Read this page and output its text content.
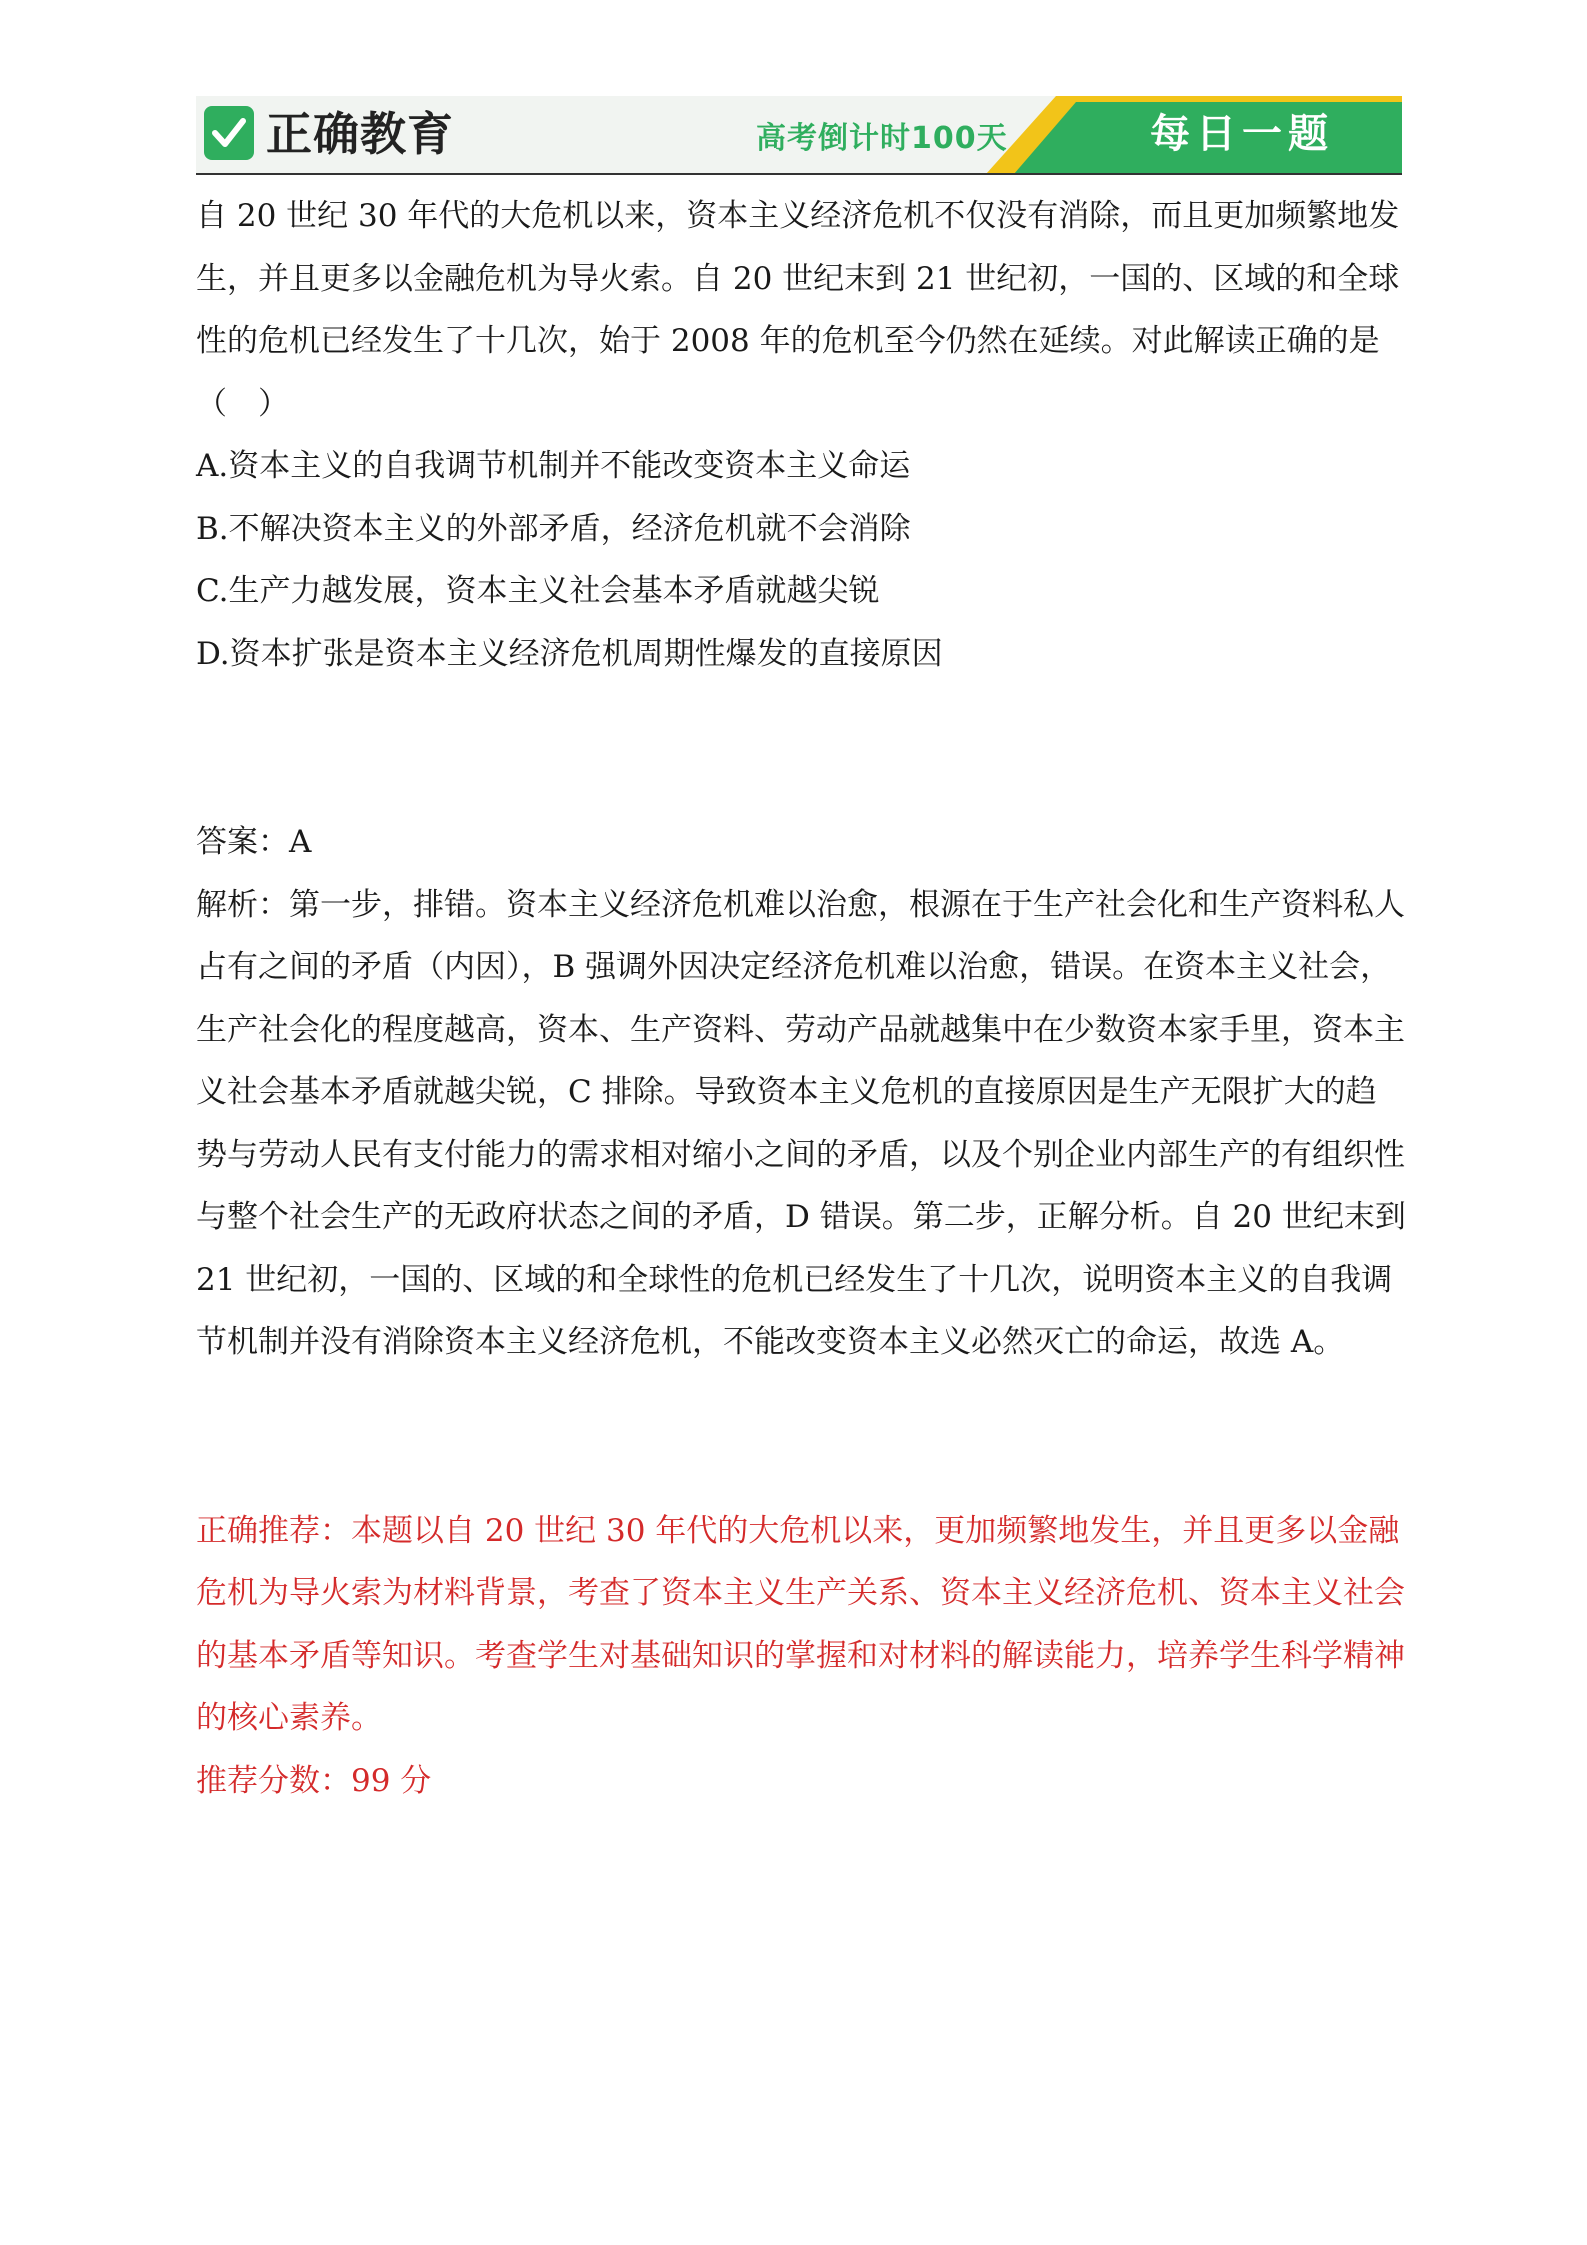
正确教育	高考倒计时100天	每日一题

自 20 世纪 30 年代的大危机以来，资本主义经济危机不仅没有消除，而且更加频繁地发生，并且更多以金融危机为导火索。自 20 世纪末到 21 世纪初，一国的、区域的和全球性的危机已经发生了十几次，始于 2008 年的危机至今仍然在延续。对此解读正确的是（　）

A.资本主义的自我调节机制并不能改变资本主义命运

B.不解决资本主义的外部矛盾，经济危机就不会消除

C.生产力越发展，资本主义社会基本矛盾就越尖锐

D.资本扩张是资本主义经济危机周期性爆发的直接原因

答案：A

解析：第一步，排错。资本主义经济危机难以治愈，根源在于生产社会化和生产资料私人占有之间的矛盾（内因），B 强调外因决定经济危机难以治愈，错误。在资本主义社会，生产社会化的程度越高，资本、生产资料、劳动产品就越集中在少数资本家手里，资本主义社会基本矛盾就越尖锐，C 排除。导致资本主义危机的直接原因是生产无限扩大的趋势与劳动人民有支付能力的需求相对缩小之间的矛盾，以及个别企业内部生产的有组织性与整个社会生产的无政府状态之间的矛盾，D 错误。第二步，正解分析。自 20 世纪末到 21 世纪初，一国的、区域的和全球性的危机已经发生了十几次，说明资本主义的自我调节机制并没有消除资本主义经济危机，不能改变资本主义必然灭亡的命运，故选 A。

正确推荐：本题以自 20 世纪 30 年代的大危机以来，更加频繁地发生，并且更多以金融危机为导火索为材料背景，考查了资本主义生产关系、资本主义经济危机、资本主义社会的基本矛盾等知识。考查学生对基础知识的掌握和对材料的解读能力，培养学生科学精神的核心素养。

推荐分数：99 分
